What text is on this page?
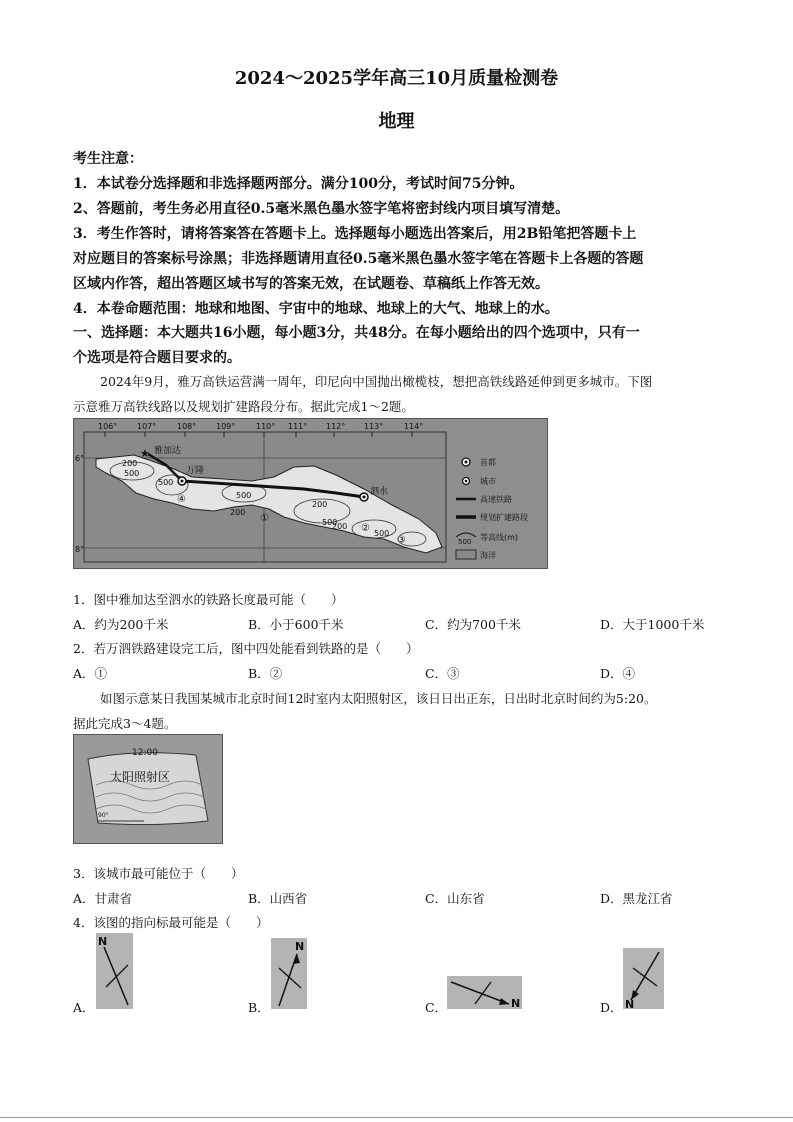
2024～2025学年高三10月质量检测卷
地理
考生注意：
1．本试卷分选择题和非选择题两部分。满分100分，考试时间75分钟。
2、答题前，考生务必用直径0.5毫米黑色墨水签字笔将密封线内项目填写清楚。
3．考生作答时，请将答案答在答题卡上。选择题每小题选出答案后，用2B铅笔把答题卡上
对应题目的答案标号涂黑；非选择题请用直径0.5毫米黑色墨水签字笔在答题卡上各题的答题
区域内作答，超出答题区域书写的答案无效，在试题卷、草稿纸上作答无效。
4．本卷命题范围：地球和地图、宇宙中的地球、地球上的大气、地球上的水。
一、选择题：本大题共16小题，每小题3分，共48分。在每小题给出的四个选项中，只有一
个选项是符合题目要求的。
2024年9月，雅万高铁运营满一周年，印尼向中国抛出橄榄枝，想把高铁线路延伸到更多城市。下图
示意雅万高铁线路以及规划扩建路段分布。据此完成1～2题。
106° 107°	108° 109°	110° 111° 112° 113°	114°
6°
8°
200
500
500
500
200
200
500
500
200
★ 雅加达
万隆
泗水
①
②
③
④
首都
城市
高速铁路
规划扩建路段
500 等高线(m)
海洋
1．图中雅加达至泗水的铁路长度最可能（　　）
A．约为200千米	B．小于600千米	C．约为700千米	D．大于1000千米
2．若万泗铁路建设完工后，图中四处能看到铁路的是（　　）
A．①	B．②	C．③	D．④
如图示意某日我国某城市北京时间12时室内太阳照射区，该日日出正东，日出时北京时间约为5:20。
据此完成3～4题。
12:00
太阳照射区
90°
3．该城市最可能位于（　　）
A．甘肃省	B．山西省	C．山东省	D．黑龙江省
4．该图的指向标最可能是（　　）
A．
N
B．
N
C．	N	D． N
